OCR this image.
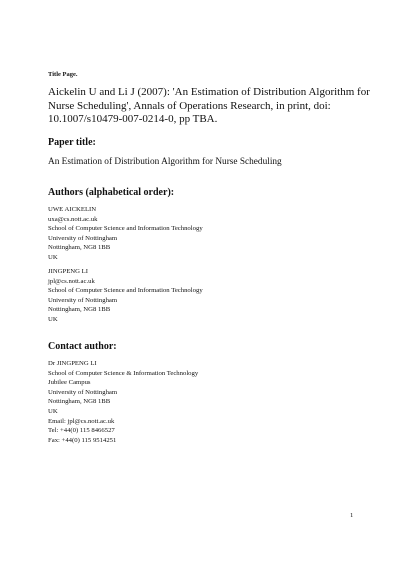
Title Page.
Aickelin U and Li J (2007): 'An Estimation of Distribution Algorithm for Nurse Scheduling', Annals of Operations Research, in print, doi: 10.1007/s10479-007-0214-0, pp TBA.
Paper title:
An Estimation of Distribution Algorithm for Nurse Scheduling
Authors (alphabetical order):
UWE AICKELIN
uxa@cs.nott.ac.uk
School of Computer Science and Information Technology
University of Nottingham
Nottingham, NG8 1BB
UK
JINGPENG LI
jpl@cs.nott.ac.uk
School of Computer Science and Information Technology
University of Nottingham
Nottingham, NG8 1BB
UK
Contact author:
Dr JINGPENG LI
School of Computer Science & Information Technology
Jubilee Campus
University of Nottingham
Nottingham, NG8 1BB
UK
Email: jpl@cs.nott.ac.uk
Tel: +44(0) 115 8466527
Fax: +44(0) 115 9514251
1
